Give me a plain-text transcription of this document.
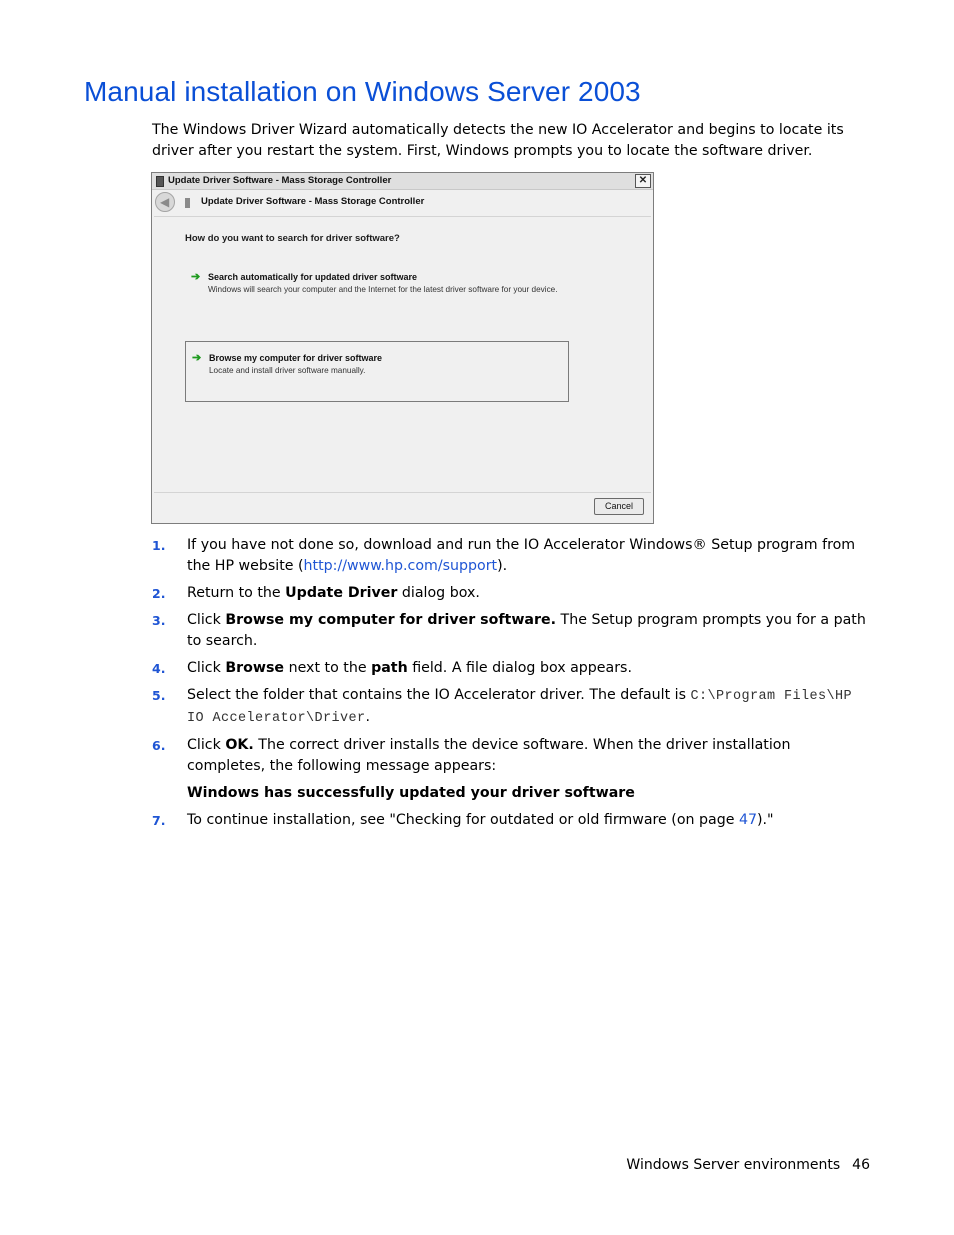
Manual installation on Windows Server 2003

The Windows Driver Wizard automatically detects the new IO Accelerator and begins to locate its driver after you restart the system. First, Windows prompts you to locate the software driver.

Update Driver Software - Mass Storage Controller	✕
◀	Update Driver Software - Mass Storage Controller
How do you want to search for driver software?
➔ Search automatically for updated driver software
Windows will search your computer and the Internet for the latest driver software for your device.
➔ Browse my computer for driver software
Locate and install driver software manually.
Cancel
1. If you have not done so, download and run the IO Accelerator Windows® Setup program from the HP website (http://www.hp.com/support).
2. Return to the Update Driver dialog box.
3. Click Browse my computer for driver software. The Setup program prompts you for a path to search.
4. Click Browse next to the path field. A file dialog box appears.
5. Select the folder that contains the IO Accelerator driver. The default is C:\Program Files\HP IO Accelerator\Driver.
6. Click OK. The correct driver installs the device software. When the driver installation completes, the following message appears:
Windows has successfully updated your driver software
7. To continue installation, see "Checking for outdated or old firmware (on page 47)."

Windows Server environments 46
